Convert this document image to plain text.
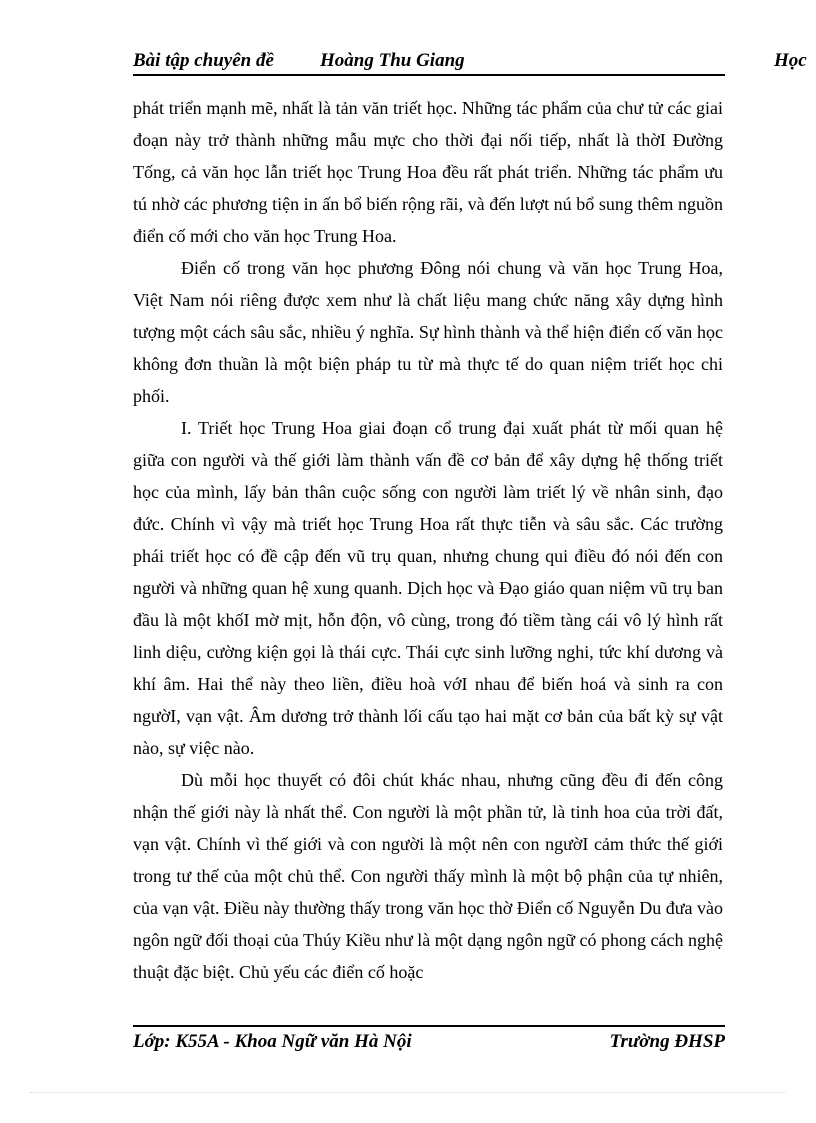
Bài tập chuyên đề Hoàng Thu Giang	Học

phát triển mạnh mẽ, nhất là tản văn triết học. Những tác phẩm của chư tử các giai đoạn này trở thành những mẫu mực cho thời đại nối tiếp, nhất là thờI Đường Tống, cả văn học lẫn triết học Trung Hoa đều rất phát triển. Những tác phẩm ưu tú nhờ các phương tiện in ấn bổ biến rộng rãi, và đến lượt nú bổ sung thêm nguồn điển cố mới cho văn học Trung Hoa.

Điển cố trong văn học phương Đông nói chung và văn học Trung Hoa, Việt Nam nói riêng được xem như là chất liệu mang chức năng xây dựng hình tượng một cách sâu sắc, nhiều ý nghĩa. Sự hình thành và thể hiện điển cố văn học không đơn thuần là một biện pháp tu từ mà thực tế do quan niệm triết học chi phối.

I. Triết học Trung Hoa giai đoạn cổ trung đại xuất phát từ mối quan hệ giữa con người và thế giới làm thành vấn đề cơ bản để xây dựng hệ thống triết học của mình, lấy bản thân cuộc sống con người làm triết lý về nhân sinh, đạo đức. Chính vì vậy mà triết học Trung Hoa rất thực tiễn và sâu sắc. Các trường phái triết học có đề cập đến vũ trụ quan, nhưng chung qui điều đó nói đến con người và những quan hệ xung quanh. Dịch học và Đạo giáo quan niệm vũ trụ ban đầu là một khốI mờ mịt, hỗn độn, vô cùng, trong đó tiềm tàng cái vô lý hình rất linh diệu, cường kiện gọi là thái cực. Thái cực sinh lưỡng nghi, tức khí dương và khí âm. Hai thể này theo liền, điều hoà vớI nhau để biến hoá và sinh ra con ngườI, vạn vật. Âm dương trở thành lối cấu tạo hai mặt cơ bản của bất kỳ sự vật nào, sự việc nào.

Dù mỗi học thuyết có đôi chút khác nhau, nhưng cũng đều đi đến công nhận thế giới này là nhất thể. Con người là một phần tử, là tinh hoa của trời đất, vạn vật. Chính vì thế giới và con người là một nên con ngườI cảm thức thế giới trong tư thế của một chủ thể. Con người thấy mình là một bộ phận của tự nhiên, của vạn vật. Điều này thường thấy trong văn học thờ Điển cố Nguyễn Du đưa vào ngôn ngữ đối thoại của Thúy Kiều như là một dạng ngôn ngữ có phong cách nghệ thuật đặc biệt. Chủ yếu các điển cố hoặc

Lớp: K55A - Khoa Ngữ văn Hà Nội	Trường ĐHSP
